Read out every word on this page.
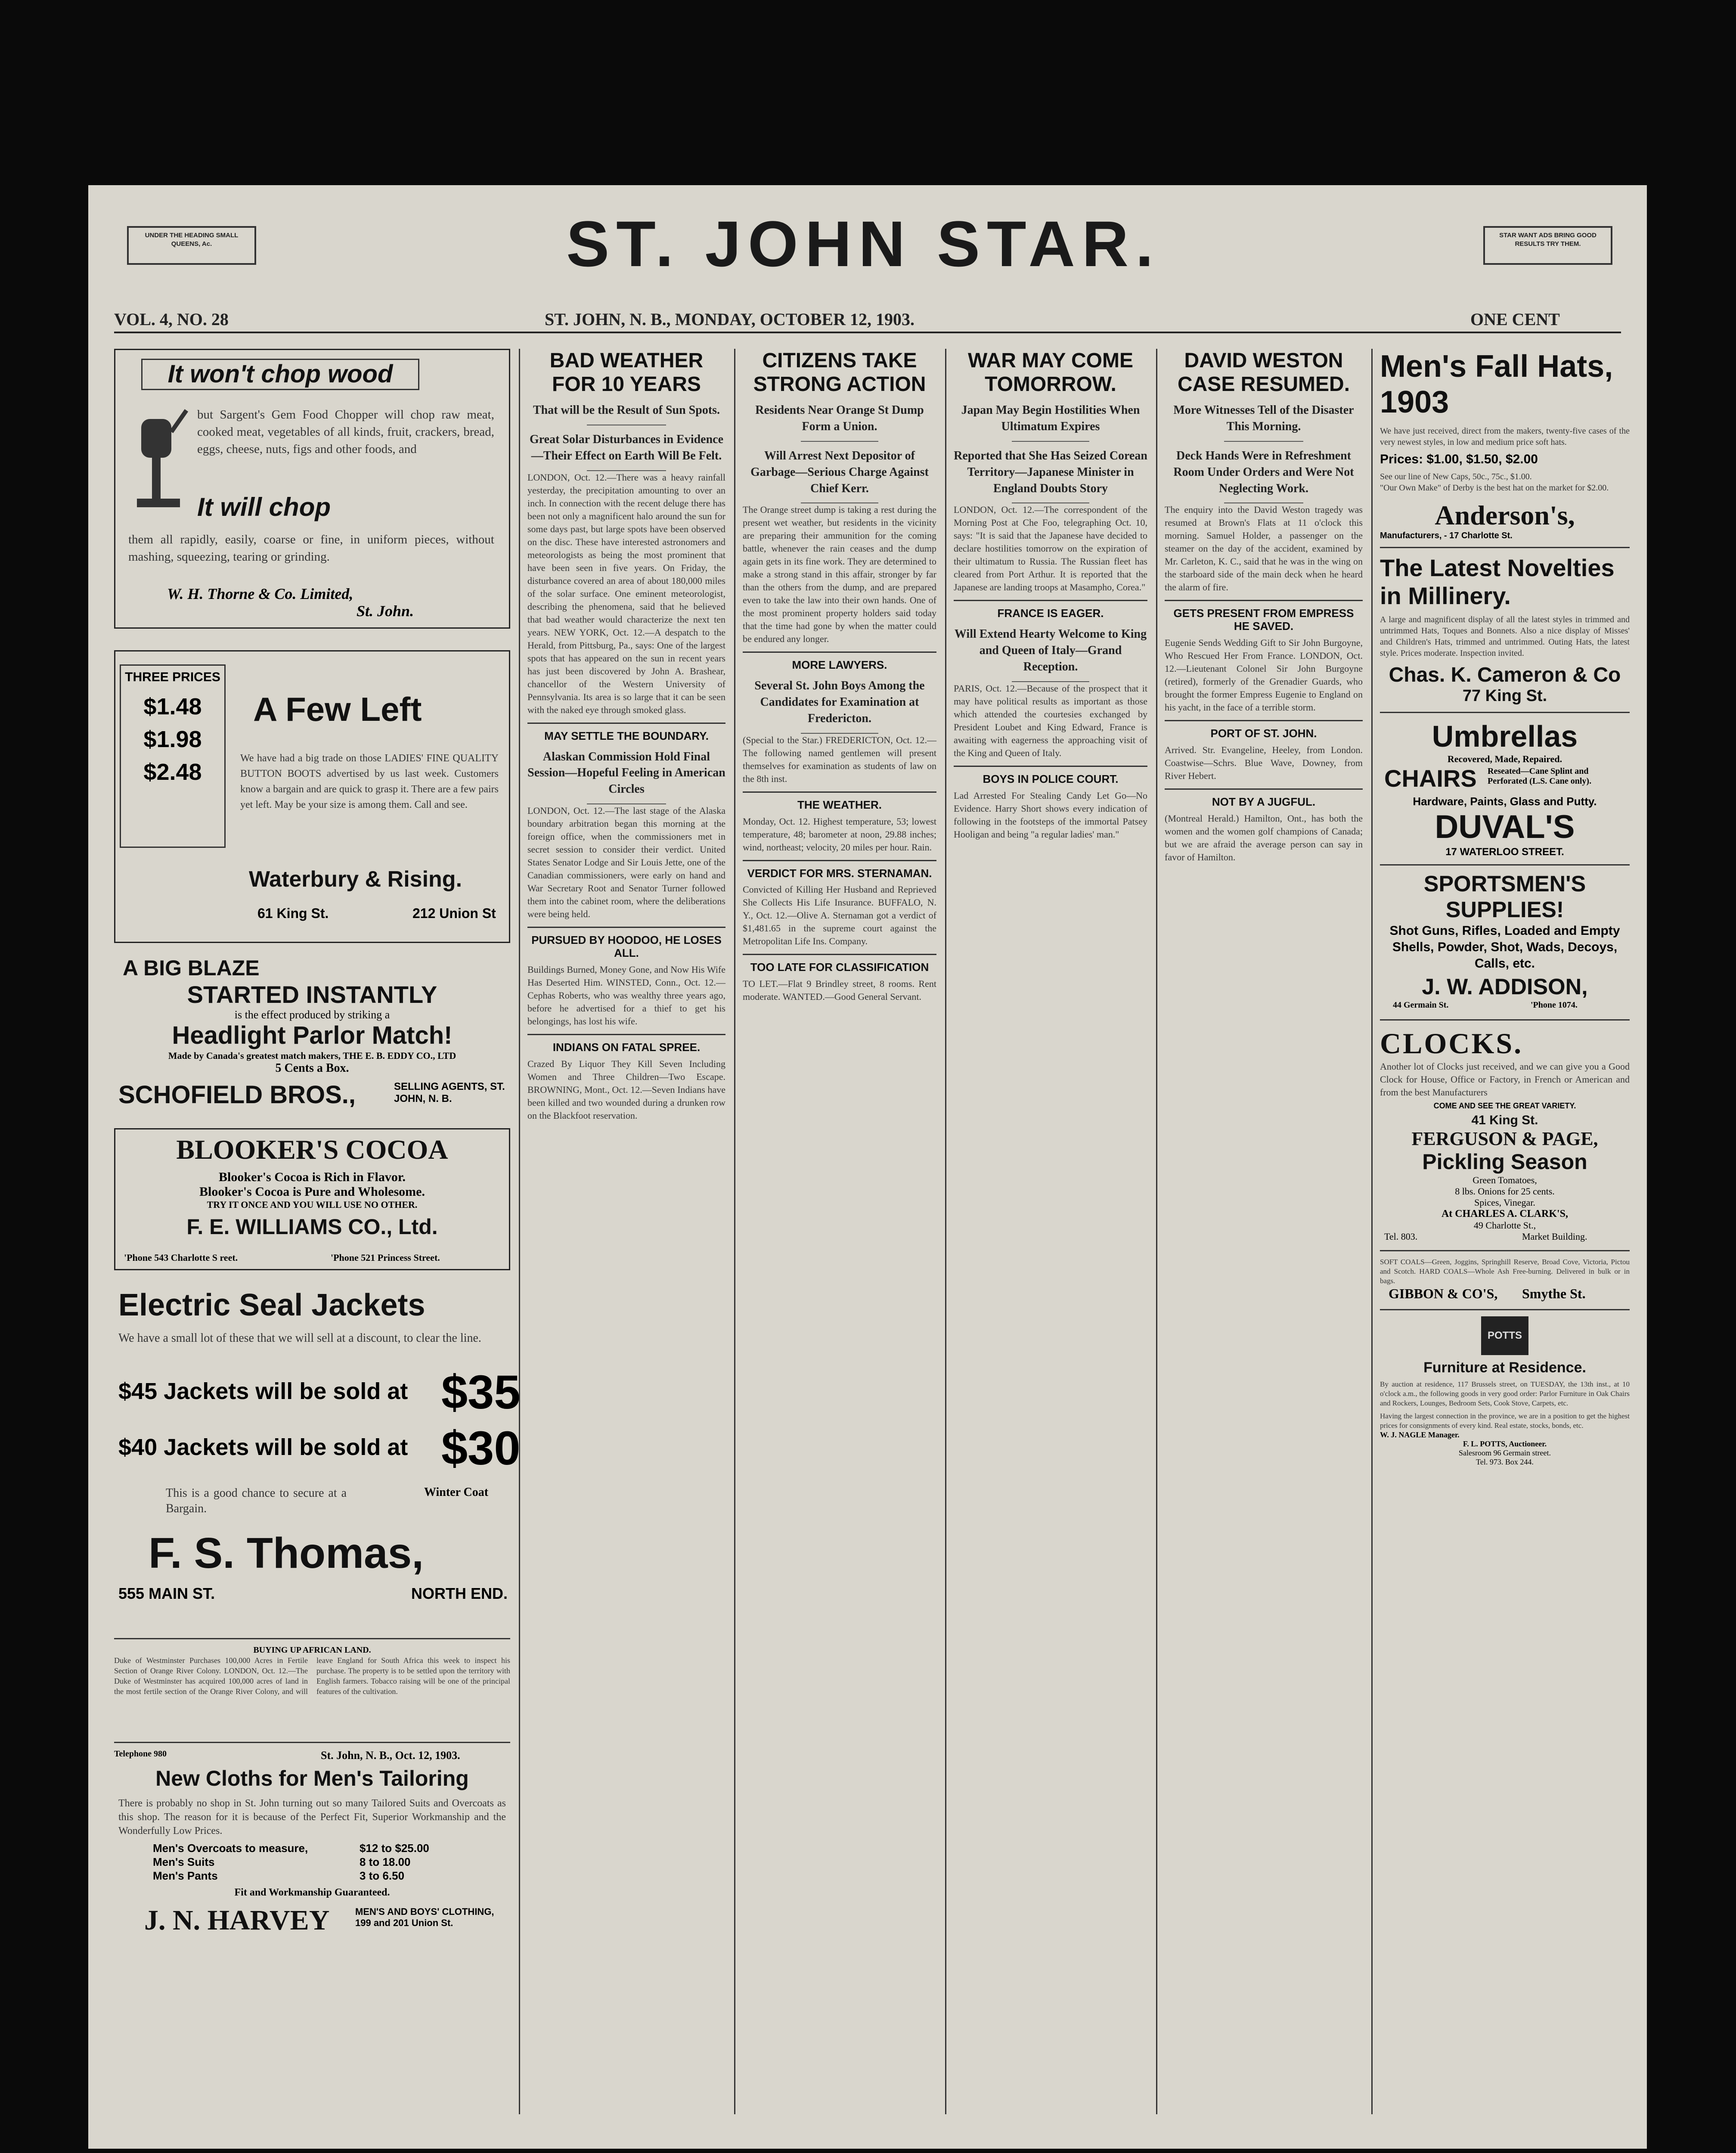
UNDER THE HEADING SMALL QUEENS, Ac.	ST. JOHN STAR.	STAR WANT ADS BRING GOOD RESULTS TRY THEM.
VOL. 4, NO. 28	ST. JOHN, N. B., MONDAY, OCTOBER 12, 1903.	ONE CENT
It won't chop wood
but Sargent's Gem Food Chopper will chop raw meat, cooked meat, vegetables of all kinds, fruit, crackers, bread, eggs, cheese, nuts, figs and other foods, and
It will chop
them all rapidly, easily, coarse or fine, in uniform pieces, without mashing, squeezing, tearing or grinding.
W. H. Thorne & Co. Limited,
St. John.
THREE PRICES
$1.48
$1.98
$2.48
A Few Left
We have had a big trade on those LADIES' FINE QUALITY BUTTON BOOTS advertised by us last week. Customers know a bargain and are quick to grasp it. There are a few pairs yet left. May be your size is among them. Call and see.
Waterbury & Rising.
61 King St.	212 Union St
A BIG BLAZE
STARTED INSTANTLY
is the effect produced by striking a
Headlight Parlor Match!
Made by Canada's greatest match makers, THE E. B. EDDY CO., LTD
5 Cents a Box.
SCHOFIELD BROS.,	SELLING AGENTS, ST. JOHN, N. B.
BLOOKER'S COCOA
Blooker's Cocoa is Rich in Flavor.
Blooker's Cocoa is Pure and Wholesome.
TRY IT ONCE AND YOU WILL USE NO OTHER.
F. E. WILLIAMS CO., Ltd.
'Phone 543 Charlotte S reet.	'Phone 521 Princess Street.
Electric Seal Jackets
We have a small lot of these that we will sell at a discount, to clear the line.
$45 Jackets will be sold at $35
$40 Jackets will be sold at $30
This is a good chance to secure at a Bargain.
Winter Coat
F. S. Thomas,
555 MAIN ST.	NORTH END.
BUYING UP AFRICAN LAND.
Duke of Westminster Purchases 100,000 Acres in Fertile Section of Orange River Colony. LONDON, Oct. 12.—The Duke of Westminster has acquired 100,000 acres of land in the most fertile section of the Orange River Colony, and will leave England for South Africa this week to inspect his purchase. The property is to be settled upon the territory with English farmers. Tobacco raising will be one of the principal features of the cultivation.
Telephone 980	St. John, N. B., Oct. 12, 1903.
New Cloths for Men's Tailoring
There is probably no shop in St. John turning out so many Tailored Suits and Overcoats as this shop. The reason for it is because of the Perfect Fit, Superior Workmanship and the Wonderfully Low Prices.
Men's Overcoats to measure,	$12 to $25.00
Men's Suits	8 to 18.00
Men's Pants	3 to 6.50
Fit and Workmanship Guaranteed.
J. N. HARVEY	MEN'S AND BOYS' CLOTHING, 199 and 201 Union St.
BAD WEATHER FOR 10 YEARS
That will be the Result of Sun Spots.
Great Solar Disturbances in Evidence—Their Effect on Earth Will Be Felt.
LONDON, Oct. 12.—There was a heavy rainfall yesterday, the precipitation amounting to over an inch. In connection with the recent deluge there has been not only a magnificent halo around the sun for some days past, but large spots have been observed on the disc. These have interested astronomers and meteorologists as being the most prominent that have been seen in five years. On Friday, the disturbance covered an area of about 180,000 miles of the solar surface. One eminent meteorologist, describing the phenomena, said that he believed that bad weather would characterize the next ten years. NEW YORK, Oct. 12.—A despatch to the Herald, from Pittsburg, Pa., says: One of the largest spots that has appeared on the sun in recent years has just been discovered by John A. Brashear, chancellor of the Western University of Pennsylvania. Its area is so large that it can be seen with the naked eye through smoked glass.
MAY SETTLE THE BOUNDARY.
Alaskan Commission Hold Final Session—Hopeful Feeling in American Circles
LONDON, Oct. 12.—The last stage of the Alaska boundary arbitration began this morning at the foreign office, when the commissioners met in secret session to consider their verdict. United States Senator Lodge and Sir Louis Jette, one of the Canadian commissioners, were early on hand and War Secretary Root and Senator Turner followed them into the cabinet room, where the deliberations were being held.
PURSUED BY HOODOO, HE LOSES ALL.
Buildings Burned, Money Gone, and Now His Wife Has Deserted Him. WINSTED, Conn., Oct. 12.—Cephas Roberts, who was wealthy three years ago, before he advertised for a thief to get his belongings, has lost his wife.
INDIANS ON FATAL SPREE.
Crazed By Liquor They Kill Seven Including Women and Three Children—Two Escape. BROWNING, Mont., Oct. 12.—Seven Indians have been killed and two wounded during a drunken row on the Blackfoot reservation.
CITIZENS TAKE STRONG ACTION
Residents Near Orange St Dump Form a Union.
Will Arrest Next Depositor of Garbage—Serious Charge Against Chief Kerr.
The Orange street dump is taking a rest during the present wet weather, but residents in the vicinity are preparing their ammunition for the coming battle, whenever the rain ceases and the dump again gets in its fine work. They are determined to make a strong stand in this affair, stronger by far than the others from the dump, and are prepared even to take the law into their own hands. One of the most prominent property holders said today that the time had gone by when the matter could be endured any longer.
MORE LAWYERS.
Several St. John Boys Among the Candidates for Examination at Fredericton.
(Special to the Star.) FREDERICTON, Oct. 12.—The following named gentlemen will present themselves for examination as students of law on the 8th inst.
THE WEATHER.
Monday, Oct. 12. Highest temperature, 53; lowest temperature, 48; barometer at noon, 29.88 inches; wind, northeast; velocity, 20 miles per hour. Rain.
VERDICT FOR MRS. STERNAMAN.
Convicted of Killing Her Husband and Reprieved She Collects His Life Insurance. BUFFALO, N. Y., Oct. 12.—Olive A. Sternaman got a verdict of $1,481.65 in the supreme court against the Metropolitan Life Ins. Company.
TOO LATE FOR CLASSIFICATION
TO LET.—Flat 9 Brindley street, 8 rooms. Rent moderate. WANTED.—Good General Servant.
WAR MAY COME TOMORROW.
Japan May Begin Hostilities When Ultimatum Expires
Reported that She Has Seized Corean Territory—Japanese Minister in England Doubts Story
LONDON, Oct. 12.—The correspondent of the Morning Post at Che Foo, telegraphing Oct. 10, says: "It is said that the Japanese have decided to declare hostilities tomorrow on the expiration of their ultimatum to Russia. The Russian fleet has cleared from Port Arthur. It is reported that the Japanese are landing troops at Masampho, Corea."
FRANCE IS EAGER.
Will Extend Hearty Welcome to King and Queen of Italy—Grand Reception.
PARIS, Oct. 12.—Because of the prospect that it may have political results as important as those which attended the courtesies exchanged by President Loubet and King Edward, France is awaiting with eagerness the approaching visit of the King and Queen of Italy.
BOYS IN POLICE COURT.
Lad Arrested For Stealing Candy Let Go—No Evidence. Harry Short shows every indication of following in the footsteps of the immortal Patsey Hooligan and being "a regular ladies' man."
DAVID WESTON CASE RESUMED.
More Witnesses Tell of the Disaster This Morning.
Deck Hands Were in Refreshment Room Under Orders and Were Not Neglecting Work.
The enquiry into the David Weston tragedy was resumed at Brown's Flats at 11 o'clock this morning. Samuel Holder, a passenger on the steamer on the day of the accident, examined by Mr. Carleton, K. C., said that he was in the wing on the starboard side of the main deck when he heard the alarm of fire.
GETS PRESENT FROM EMPRESS HE SAVED.
Eugenie Sends Wedding Gift to Sir John Burgoyne, Who Rescued Her From France. LONDON, Oct. 12.—Lieutenant Colonel Sir John Burgoyne (retired), formerly of the Grenadier Guards, who brought the former Empress Eugenie to England on his yacht, in the face of a terrible storm.
PORT OF ST. JOHN.
Arrived. Str. Evangeline, Heeley, from London. Coastwise—Schrs. Blue Wave, Downey, from River Hebert.
NOT BY A JUGFUL.
(Montreal Herald.) Hamilton, Ont., has both the women and the women golf champions of Canada; but we are afraid the average person can say in favor of Hamilton.
Men's Fall Hats, 1903
We have just received, direct from the makers, twenty-five cases of the very newest styles, in low and medium price soft hats.
Prices: $1.00, $1.50, $2.00
See our line of New Caps, 50c., 75c., $1.00.
"Our Own Make" of Derby is the best hat on the market for $2.00.
Anderson's,
Manufacturers, - 17 Charlotte St.
The Latest Novelties in Millinery.
A large and magnificent display of all the latest styles in trimmed and untrimmed Hats, Toques and Bonnets. Also a nice display of Misses' and Children's Hats, trimmed and untrimmed. Outing Hats, the latest style. Prices moderate. Inspection invited.
Chas. K. Cameron & Co
77 King St.
Umbrellas
Recovered, Made, Repaired.
CHAIRS Reseated—Cane Splint and Perforated (L.S. Cane only).
Hardware, Paints, Glass and Putty.
DUVAL'S
17 WATERLOO STREET.
SPORTSMEN'S SUPPLIES!
Shot Guns, Rifles, Loaded and Empty Shells, Powder, Shot, Wads, Decoys, Calls, etc.
J. W. ADDISON,
44 Germain St.	'Phone 1074.
CLOCKS.
Another lot of Clocks just received, and we can give you a Good Clock for House, Office or Factory, in French or American and from the best Manufacturers
COME AND SEE THE GREAT VARIETY.
41 King St.
FERGUSON & PAGE,
Pickling Season
Green Tomatoes,
8 lbs. Onions for 25 cents.
Spices, Vinegar.
At CHARLES A. CLARK'S,
49 Charlotte St.,
Tel. 803.	Market Building.
SOFT COALS—Green, Joggins, Springhill Reserve, Broad Cove, Victoria, Pictou and Scotch. HARD COALS—Whole Ash Free-burning. Delivered in bulk or in bags.
GIBBON & CO'S, Smythe St.
POTTS
Furniture at Residence.
By auction at residence, 117 Brussels street, on TUESDAY, the 13th inst., at 10 o'clock a.m., the following goods in very good order: Parlor Furniture in Oak Chairs and Rockers, Lounges, Bedroom Sets, Cook Stove, Carpets, etc.
Having the largest connection in the province, we are in a position to get the highest prices for consignments of every kind. Real estate, stocks, bonds, etc.
W. J. NAGLE Manager.
F. L. POTTS, Auctioneer.
Salesroom 96 Germain street.
Tel. 973. Box 244.
